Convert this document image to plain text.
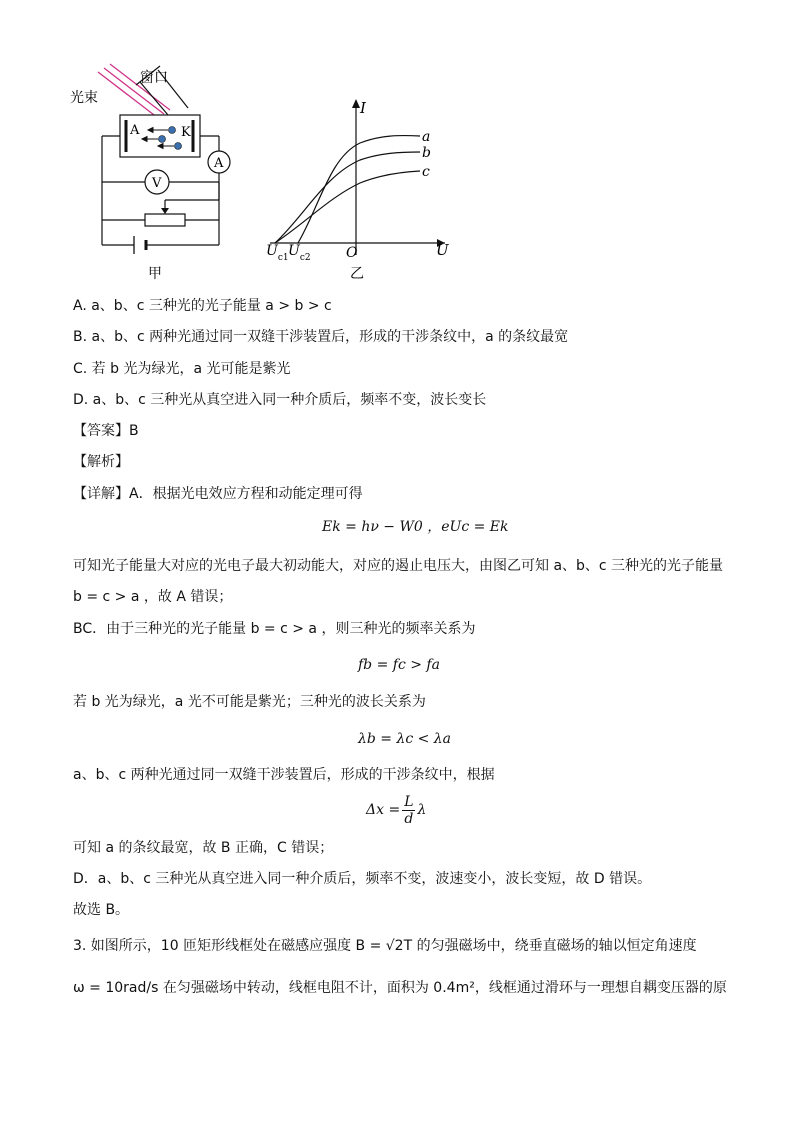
光束
窗口
A	K
A
V
甲
I
U
O
a
b
c
$U_{c1}$ $U_{c2}$
乙
A. a、b、c 三种光的光子能量 a > b > c
B. a、b、c 两种光通过同一双缝干涉装置后，形成的干涉条纹中，a 的条纹最宽
C. 若 b 光为绿光，a 光可能是紫光
D. a、b、c 三种光从真空进入同一种介质后，频率不变，波长变长
【答案】B
【解析】
【详解】A．根据光电效应方程和动能定理可得
Ek = hν − W0 ，eUc = Ek
可知光子能量大对应的光电子最大初动能大，对应的遏止电压大，由图乙可知 a、b、c 三种光的光子能量
b = c > a ，故 A 错误；
BC．由于三种光的光子能量 b = c > a ，则三种光的频率关系为
fb = fc > fa
若 b 光为绿光，a 光不可能是紫光；三种光的波长关系为
λb = λc < λa
a、b、c 两种光通过同一双缝干涉装置后，形成的干涉条纹中，根据
$\Delta x = \frac{L}{d}$ λ
可知 a 的条纹最宽，故 B 正确，C 错误；
D．a、b、c 三种光从真空进入同一种介质后，频率不变，波速变小，波长变短，故 D 错误。
故选 B。
3. 如图所示，10 匝矩形线框处在磁感应强度 B = √2T 的匀强磁场中，绕垂直磁场的轴以恒定角速度
ω = 10rad/s 在匀强磁场中转动，线框电阻不计，面积为 0.4m²，线框通过滑环与一理想自耦变压器的原
